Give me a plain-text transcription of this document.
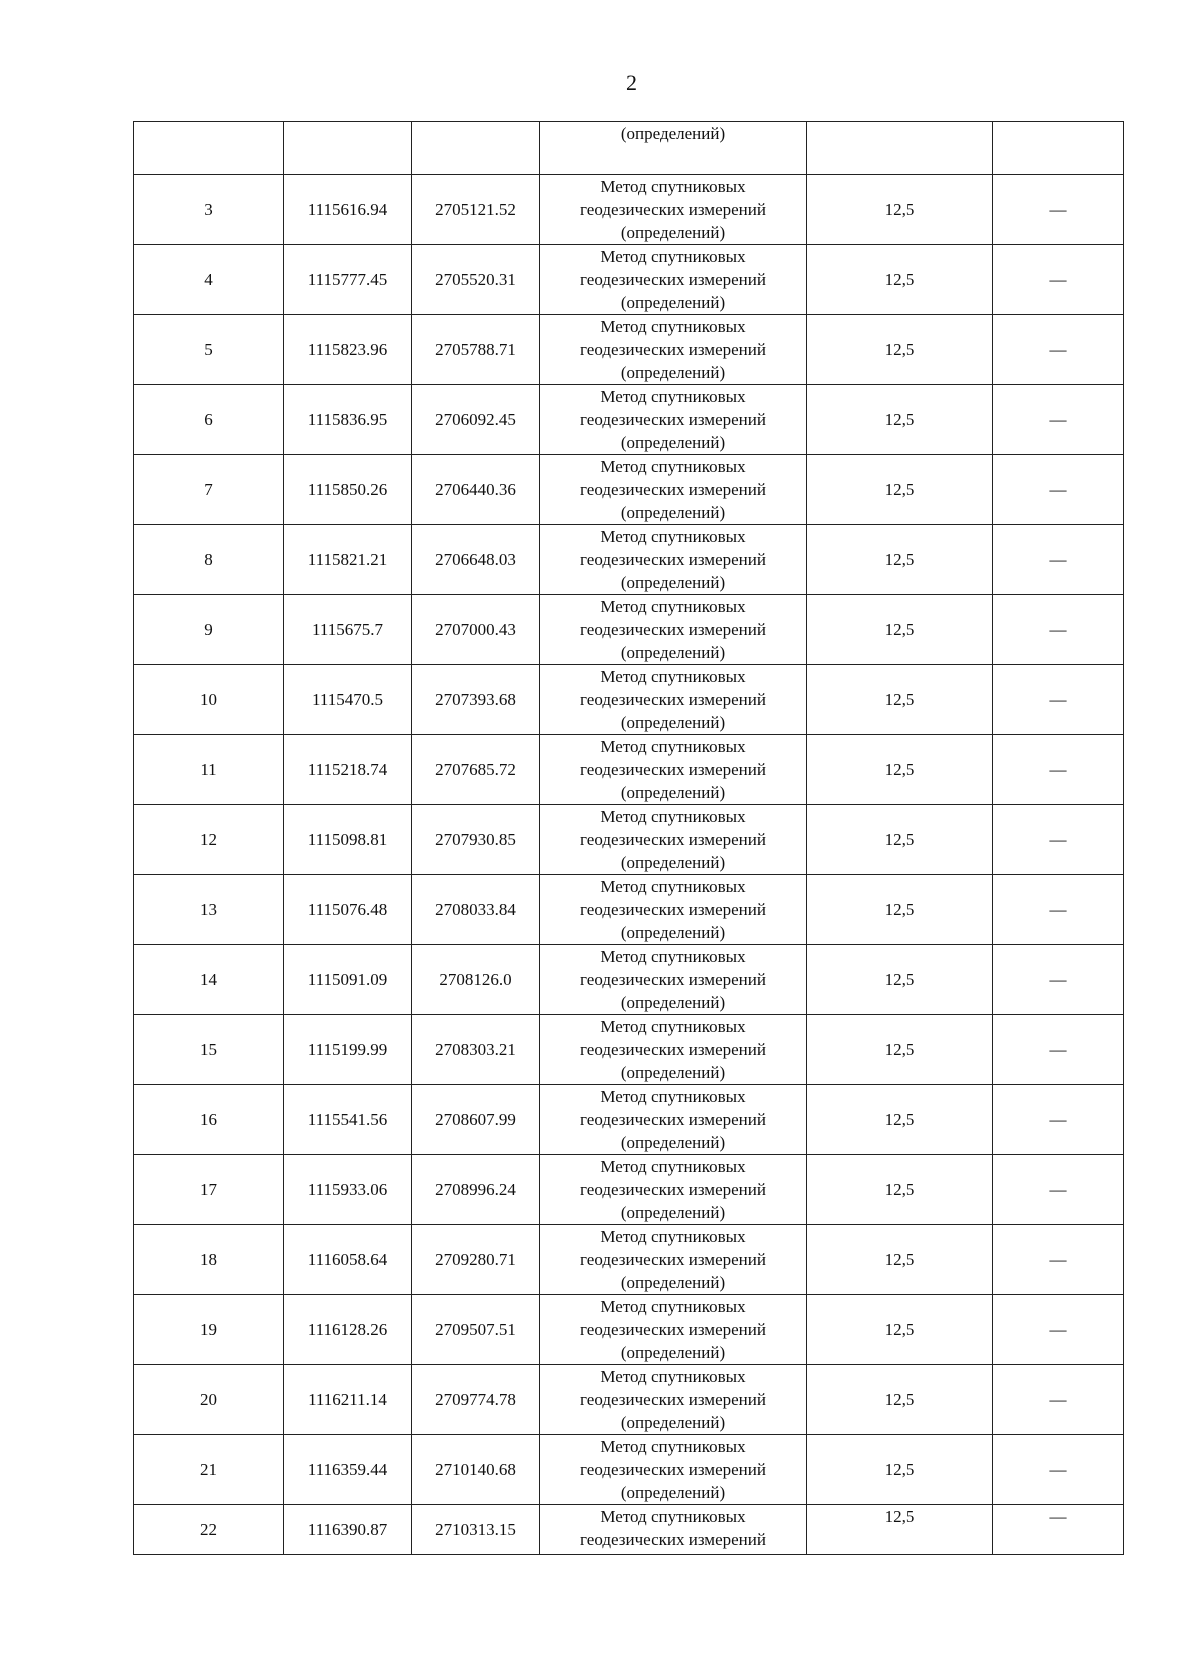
2

			(определений)		

3	1115616.94	2705121.52	Метод спутниковых
геодезических измерений
(определений)	12,5	—
4	1115777.45	2705520.31	Метод спутниковых
геодезических измерений
(определений)	12,5	—
5	1115823.96	2705788.71	Метод спутниковых
геодезических измерений
(определений)	12,5	—
6	1115836.95	2706092.45	Метод спутниковых
геодезических измерений
(определений)	12,5	—
7	1115850.26	2706440.36	Метод спутниковых
геодезических измерений
(определений)	12,5	—
8	1115821.21	2706648.03	Метод спутниковых
геодезических измерений
(определений)	12,5	—
9	1115675.7	2707000.43	Метод спутниковых
геодезических измерений
(определений)	12,5	—
10	1115470.5	2707393.68	Метод спутниковых
геодезических измерений
(определений)	12,5	—
11	1115218.74	2707685.72	Метод спутниковых
геодезических измерений
(определений)	12,5	—
12	1115098.81	2707930.85	Метод спутниковых
геодезических измерений
(определений)	12,5	—
13	1115076.48	2708033.84	Метод спутниковых
геодезических измерений
(определений)	12,5	—
14	1115091.09	2708126.0	Метод спутниковых
геодезических измерений
(определений)	12,5	—
15	1115199.99	2708303.21	Метод спутниковых
геодезических измерений
(определений)	12,5	—
16	1115541.56	2708607.99	Метод спутниковых
геодезических измерений
(определений)	12,5	—
17	1115933.06	2708996.24	Метод спутниковых
геодезических измерений
(определений)	12,5	—
18	1116058.64	2709280.71	Метод спутниковых
геодезических измерений
(определений)	12,5	—
19	1116128.26	2709507.51	Метод спутниковых
геодезических измерений
(определений)	12,5	—
20	1116211.14	2709774.78	Метод спутниковых
геодезических измерений
(определений)	12,5	—
21	1116359.44	2710140.68	Метод спутниковых
геодезических измерений
(определений)	12,5	—
22	1116390.87	2710313.15	Метод спутниковых
геодезических измерений	12,5	—
